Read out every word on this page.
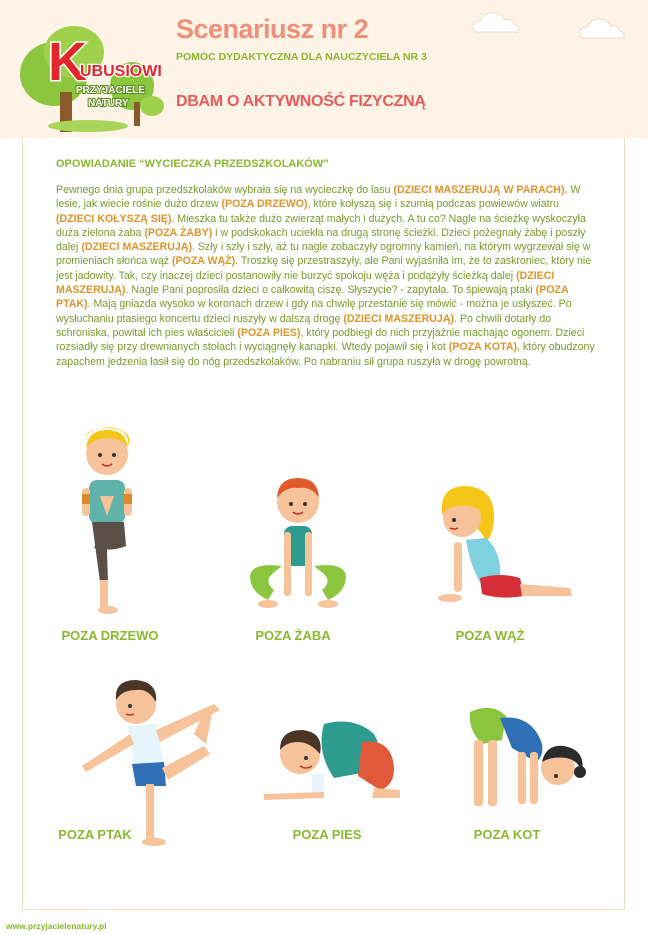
K
UBUSIOWI
PRZYJACIELE
NATURY
Scenariusz nr 2
POMOC DYDAKTYCZNA DLA NAUCZYCIELA NR 3
DBAM O AKTYWNOŚĆ FIZYCZNĄ
OPOWIADANIE “WYCIECZKA PRZEDSZKOLAKÓW”
Pewnego dnia grupa przedszkolaków wybrała się na wycieczkę do lasu (DZIECI MASZERUJĄ W PARACH). W lesie, jak wiecie rośnie dużo drzew (POZA DRZEWO), które kołyszą się i szumią podczas powiewów wiatru (DZIECI KOŁYSZĄ SIĘ). Mieszka tu także dużo zwierząt małych i dużych. A tu co? Nagle na ścieżkę wyskoczyła duża zielona żaba (POZA ŻABY) i w podskokach uciekła na drugą stronę ścieżki. Dzieci pożegnały żabę i poszły dalej (DZIECI MASZERUJĄ). Szły i szły i szły, aż tu nagle zobaczyły ogromny kamień, na którym wygrzewał się w promieniach słońca wąż (POZA WĄŻ). Troszkę się przestraszyły, ale Pani wyjaśniła im, że to zaskroniec, który nie jest jadowity. Tak, czy inaczej dzieci postanowiły nie burzyć spokoju węża i podążyły ścieżką dalej (DZIECI MASZERUJĄ). Nagle Pani poprosiła dzieci o całkowitą ciszę. Słyszycie? - zapytała. To śpiewają ptaki (POZA PTAK). Mają gniazda wysoko w koronach drzew i gdy na chwilę przestanie się mówić - można je usłyszeć. Po wysłuchaniu ptasiego koncertu dzieci ruszyły w dalszą drogę (DZIECI MASZERUJĄ). Po chwili dotarły do schroniska, powitał ich pies właścicieli (POZA PIES), który podbiegł do nich przyjaźnie machając ogonem. Dzieci rozsiadły się przy drewnianych stołach i wyciągnęły kanapki. Wtedy pojawił się i kot (POZA KOTA), który obudzony zapachem jedzenia łasił się do nóg przedszkolaków. Po nabraniu sił grupa ruszyła w drogę powrotną.
POZA DRZEWO	POZA ŻABA	POZA WĄŻ
POZA PTAK	POZA PIES	POZA KOT
www.przyjacielenatury.pl
